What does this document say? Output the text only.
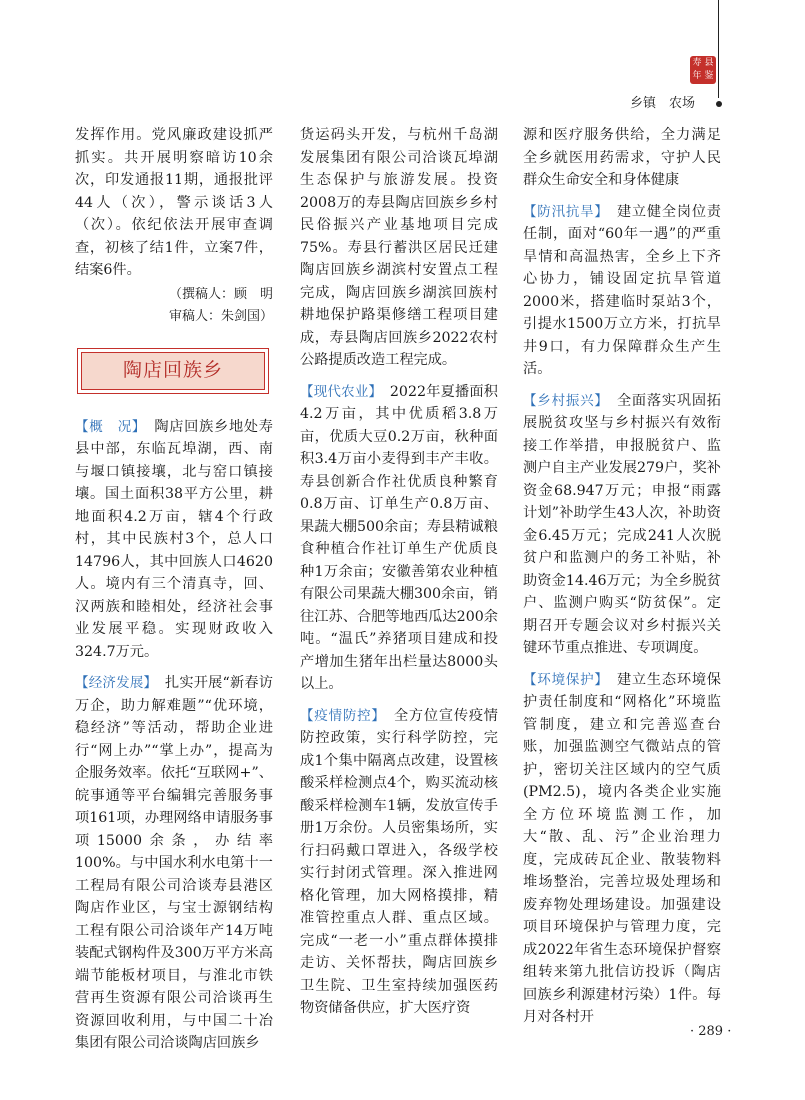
寿 县
年 鉴
乡镇　农场

发挥作用。党风廉政建设抓严抓实。共开展明察暗访10余次，印发通报11期，通报批评44人（次），警示谈话3人（次）。依纪依法开展审查调查，初核了结1件，立案7件，结案6件。

（撰稿人：顾　明
审稿人：朱剑国）
陶店回族乡

【概　况】　 陶店回族乡地处寿县中部，东临瓦埠湖，西、南与堰口镇接壤，北与窑口镇接壤。国土面积38平方公里，耕地面积4.2万亩，辖4个行政村，其中民族村3个，总人口14796人，其中回族人口4620人。境内有三个清真寺，回、汉两族和睦相处，经济社会事业发展平稳。实现财政收入324.7万元。

【经济发展】　 扎实开展“新春访万企，助力解难题”“优环境，稳经济”等活动，帮助企业进行“网上办”“掌上办”，提高为企服务效率。依托“互联网+”、皖事通等平台编辑完善服务事项161项，办理网络申请服务事项15000余条，办结率100%。与中国水利水电第十一工程局有限公司洽谈寿县港区陶店作业区，与宝士源钢结构工程有限公司洽谈年产14万吨装配式钢构件及300万平方米高端节能板材项目，与淮北市铁营再生资源有限公司洽谈再生资源回收利用，与中国二十冶集团有限公司洽谈陶店回族乡

货运码头开发，与杭州千岛湖发展集团有限公司洽谈瓦埠湖生态保护与旅游发展。投资2008万的寿县陶店回族乡乡村民俗振兴产业基地项目完成75%。寿县行蓄洪区居民迁建陶店回族乡湖滨村安置点工程完成，陶店回族乡湖滨回族村耕地保护路渠修缮工程项目建成，寿县陶店回族乡2022农村公路提质改造工程完成。

【现代农业】　 2022年夏播面积4.2万亩，其中优质稻3.8万亩，优质大豆0.2万亩，秋种面积3.4万亩小麦得到丰产丰收。寿县创新合作社优质良种繁育0.8万亩、订单生产0.8万亩、果蔬大棚500余亩；寿县精诚粮食种植合作社订单生产优质良种1万余亩；安徽善第农业种植有限公司果蔬大棚300余亩，销往江苏、合肥等地西瓜达200余吨。“温氏”养猪项目建成和投产增加生猪年出栏量达8000头以上。

【疫情防控】　 全方位宣传疫情防控政策，实行科学防控，完成1个集中隔离点改建，设置核酸采样检测点4个，购买流动核酸采样检测车1辆，发放宣传手册1万余份。人员密集场所，实行扫码戴口罩进入，各级学校实行封闭式管理。深入推进网格化管理，加大网格摸排，精准管控重点人群、重点区域。完成“一老一小”重点群体摸排走访、关怀帮扶，陶店回族乡卫生院、卫生室持续加强医药物资储备供应，扩大医疗资

源和医疗服务供给，全力满足全乡就医用药需求，守护人民群众生命安全和身体健康

【防汛抗旱】　 建立健全岗位责任制，面对“60年一遇”的严重旱情和高温热害，全乡上下齐心协力，铺设固定抗旱管道2000米，搭建临时泵站3个，引提水1500万立方米，打抗旱井9口，有力保障群众生产生活。

【乡村振兴】　 全面落实巩固拓展脱贫攻坚与乡村振兴有效衔接工作举措，申报脱贫户、监测户自主产业发展279户，奖补资金68.947万元；申报“雨露计划”补助学生43人次，补助资金6.45万元；完成241人次脱贫户和监测户的务工补贴，补助资金14.46万元；为全乡脱贫户、监测户购买“防贫保”。定期召开专题会议对乡村振兴关键环节重点推进、专项调度。

【环境保护】　 建立生态环境保护责任制度和“网格化”环境监管制度，建立和完善巡查台账，加强监测空气微站点的管护，密切关注区域内的空气质(PM2.5)，境内各类企业实施全方位环境监测工作，加大“散、乱、污”企业治理力度，完成砖瓦企业、散装物料堆场整治，完善垃圾处理场和废弃物处理场建设。加强建设项目环境保护与管理力度，完成2022年省生态环境保护督察组转来第九批信访投诉（陶店回族乡利源建材污染）1件。每月对各村开

· 289 ·
